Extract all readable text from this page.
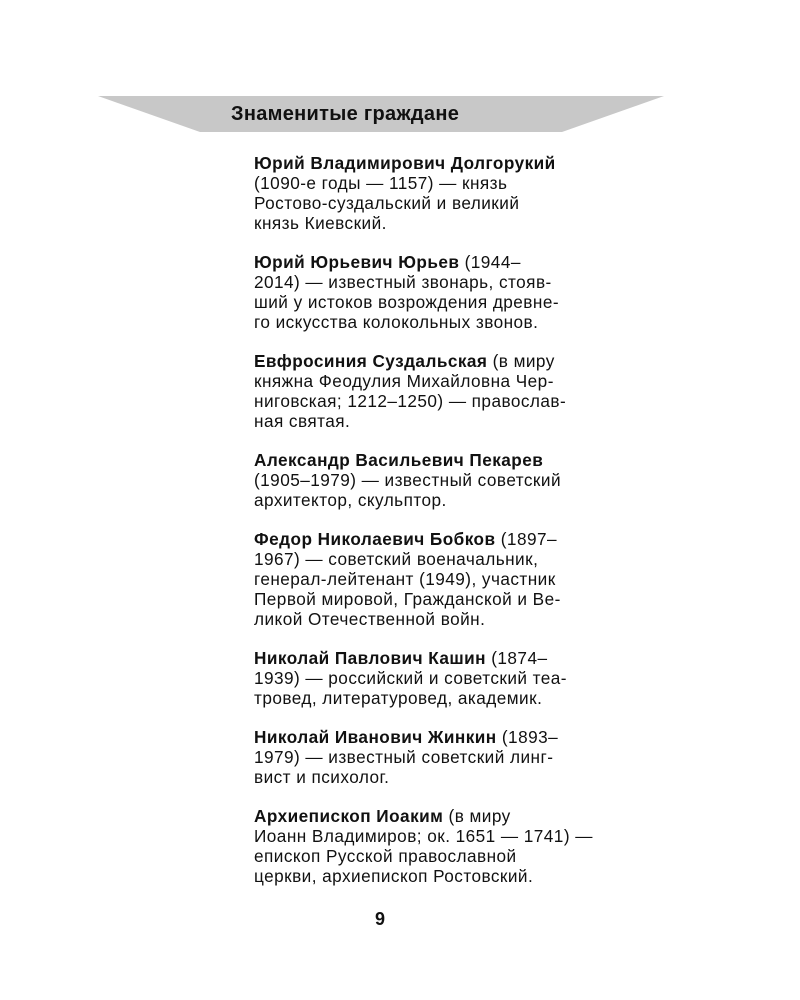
Знаменитые граждане
Юрий Владимирович Долгорукий
(1090-е годы — 1157) — князь
Ростово-суздальский и великий
князь Киевский.
Юрий Юрьевич Юрьев (1944–
2014) — известный звонарь, стояв-
ший у истоков возрождения древне-
го искусства колокольных звонов.
Евфросиния Суздальская (в миру
княжна Феодулия Михайловна Чер-
ниговская; 1212–1250) — православ-
ная святая.
Александр Васильевич Пекарев
(1905–1979) — известный советский
архитектор, скульптор.
Федор Николаевич Бобков (1897–
1967) — советский военачальник,
генерал-лейтенант (1949), участник
Первой мировой, Гражданской и Ве-
ликой Отечественной войн.
Николай Павлович Кашин (1874–
1939) — российский и советский теа-
тровед, литературовед, академик.
Николай Иванович Жинкин (1893–
1979) — известный советский линг-
вист и психолог.
Архиепископ Иоаким (в миру
Иоанн Владимиров; ок. 1651 — 1741) —
епископ Русской православной
церкви, архиепископ Ростовский.
9
